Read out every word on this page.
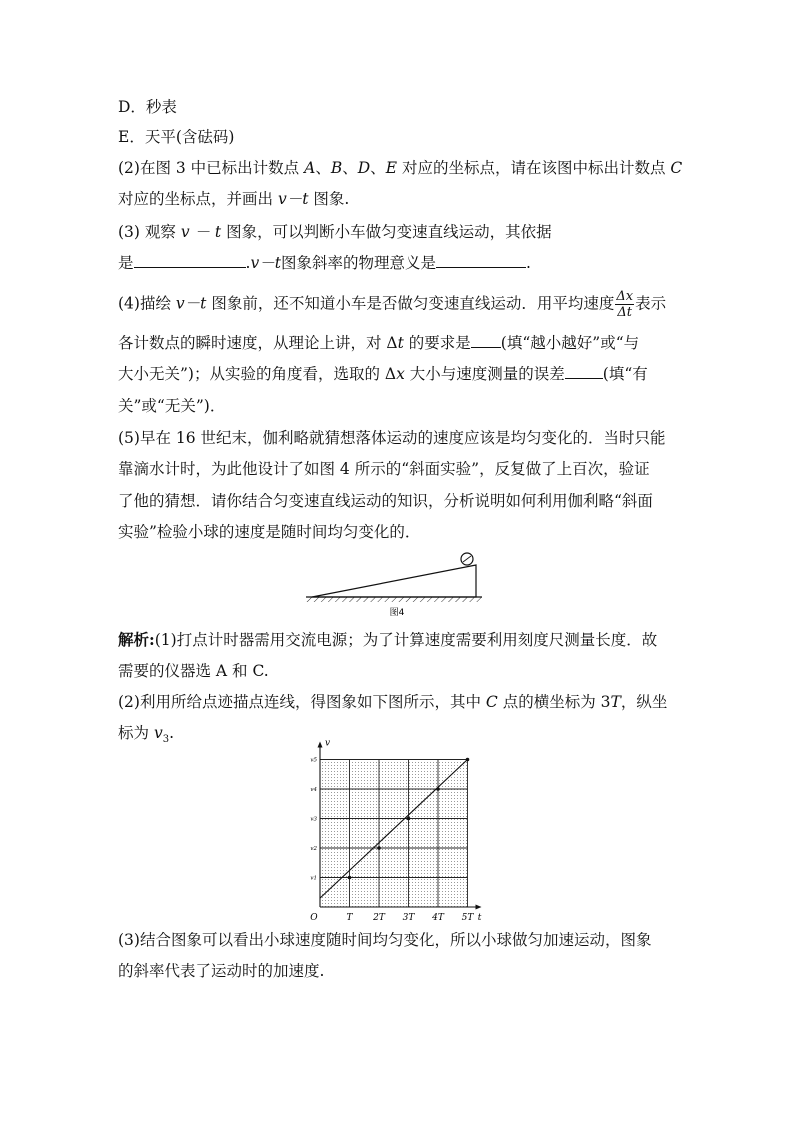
D．秒表
E．天平(含砝码)
(2)在图 3 中已标出计数点 A、B、D、E 对应的坐标点，请在该图中标出计数点 C
对应的坐标点，并画出 v－t 图象.
(3) 观察 v － t 图象，可以判断小车做匀变速直线运动，其依据
是	.v－t图象斜率的物理意义是	.
(4)描绘 v－t 图象前，还不知道小车是否做匀变速直线运动．用平均速度 $\frac{\Delta x}{\Delta t}$ 表示
各计数点的瞬时速度，从理论上讲，对 Δt 的要求是 (填“越小越好”或“与
大小无关”)；从实验的角度看，选取的 Δx 大小与速度测量的误差 (填“有
关”或“无关”)．
(5)早在 16 世纪末，伽利略就猜想落体运动的速度应该是均匀变化的．当时只能
靠滴水计时，为此他设计了如图 4 所示的“斜面实验”，反复做了上百次，验证
了他的猜想．请你结合匀变速直线运动的知识，分析说明如何利用伽利略“斜面
实验”检验小球的速度是随时间均匀变化的．
图4
解析:(1)打点计时器需用交流电源；为了计算速度需要利用刻度尺测量长度．故
需要的仪器选 A 和 C.
(2)利用所给点迹描点连线，得图象如下图所示，其中 C 点的横坐标为 3T，纵坐
标为 $v_3$.
O	t
v
T 2T 3T 4T 5T
v1
v2
v3
v4
v5
(3)结合图象可以看出小球速度随时间均匀变化，所以小球做匀加速运动，图象
的斜率代表了运动时的加速度.
